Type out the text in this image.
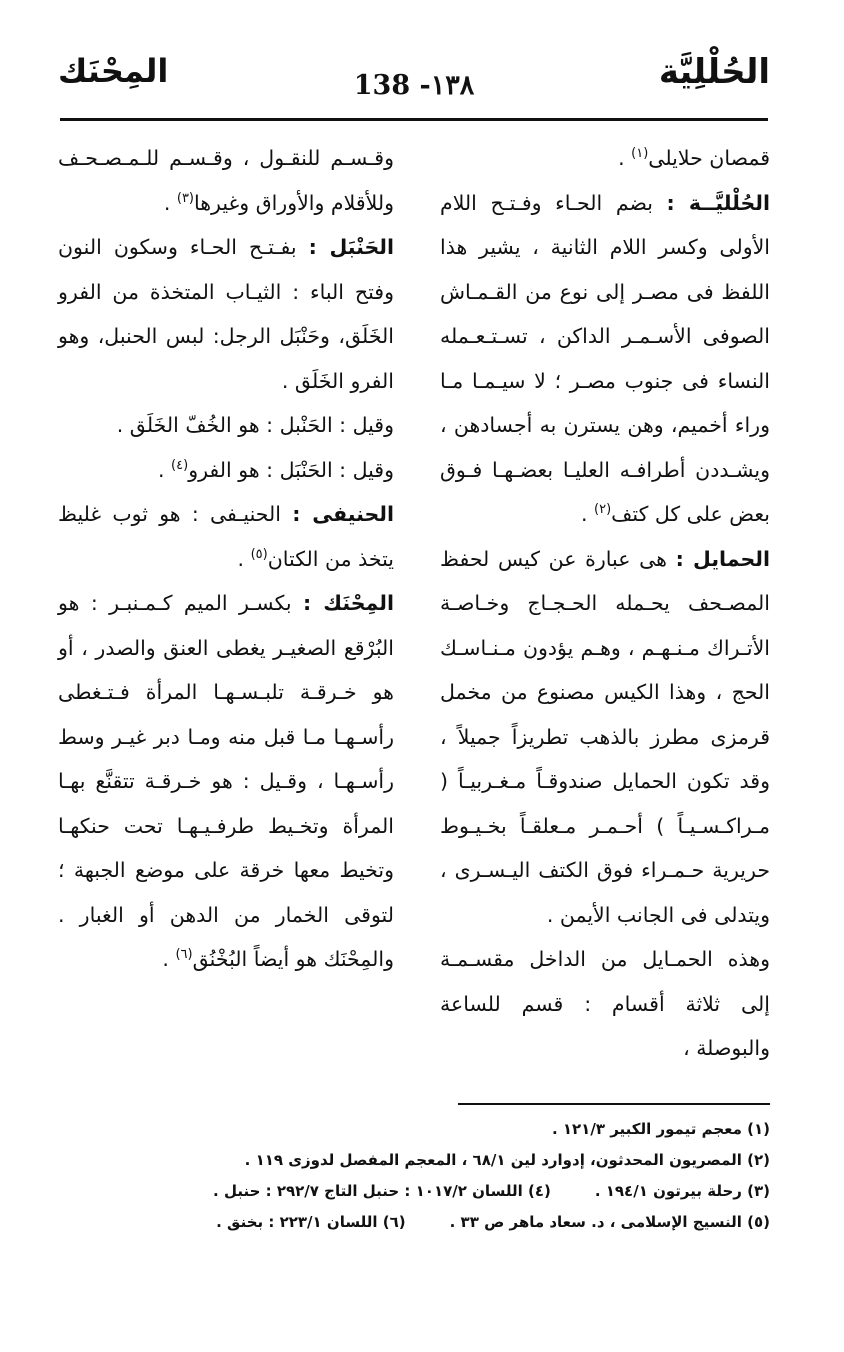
الحُلْلِيَّة
138 -١٣٨
المِحْنَك

قمصان حلايلى$^{(١)}$ .

الحُلْليَّــة : بضم الحـاء وفـتـح اللام الأولى وكسر اللام الثانية ، يشير هذا اللفظ فى مصـر إلى نوع من القـمـاش الصوفى الأسـمـر الداكن ، تسـتـعـمله النساء فى جنوب مصـر ؛ لا سيـمـا مـا وراء أخميم، وهن يسترن به أجسادهن ، ويشـددن أطرافـه العليـا بعضـهـا فـوق بعض على كل كتف$^{(٢)}$ .

الحمايل : هى عبارة عن كيس لحفظ المصـحف يحـمله الحـجـاج وخـاصـة الأتـراك مـنـهـم ، وهـم يؤدون مـنـاسـك الحج ، وهذا الكيس مصنوع من مخمل قرمزى مطرز بالذهب تطريزاً جميلاً ، وقد تكون الحمايل صندوقـاً مـغـربيـاً ( مـراكـسـيـاً ) أحـمـر مـعلقـاً بخـيـوط حريرية حـمـراء فوق الكتف اليـسـرى ، ويتدلى فى الجانب الأيمن .

وهذه الحمـايل من الداخل مقسـمـة إلى ثلاثة أقسام : قسم للساعة والبوصلة ،

وقـسـم للنقـول ، وقـسـم للـمـصـحـف وللأقلام والأوراق وغيرها$^{(٣)}$ .

الحَنْبَل : بفـتـح الحـاء وسكون النون وفتح الباء : الثيـاب المتخذة من الفرو الخَلَق، وحَنْبَل الرجل: لبس الحنبل، وهو الفرو الخَلَق .

وقيل : الحَنْبل : هو الخُفّ الخَلَق .

وقيل : الحَنْبَل : هو الفرو$^{(٤)}$ .

الحنيفى : الحنيـفى : هو ثوب غليظ يتخذ من الكتان$^{(٥)}$ .

المِحْنَك : بكسـر الميم كـمـنبـر : هو البُرْقع الصغيـر يغطى العنق والصدر ، أو هو خـرقـة تلبـسـهـا المرأة فـتـغطى رأسـهـا مـا قبل منه ومـا دبر غيـر وسط رأسـهـا ، وقـيل : هو خـرقـة تتقنَّع بهـا المرأة وتخـيط طرفـيـهـا تحت حنكهـا وتخيط معها خرقة على موضع الجبهة ؛ لتوقى الخمار من الدهن أو الغبار . والمِحْنَك هو أيضاً البُخْنُق$^{(٦)}$ .

(١) معجم تيمور الكبير ١٢١/٣ .
(٢) المصريون المحدثون، إدوارد لين ٦٨/١ ، المعجم المفصل لدوزى ١١٩ .
(٣) رحلة بيرتون ١٩٤/١ .(٤) اللسان ١٠١٧/٢ : حنبل التاج ٢٩٢/٧ : حنبل .
(٥) النسيج الإسلامى ، د. سعاد ماهر ص ٣٣ .(٦) اللسان ٢٢٣/١ : بخنق .
